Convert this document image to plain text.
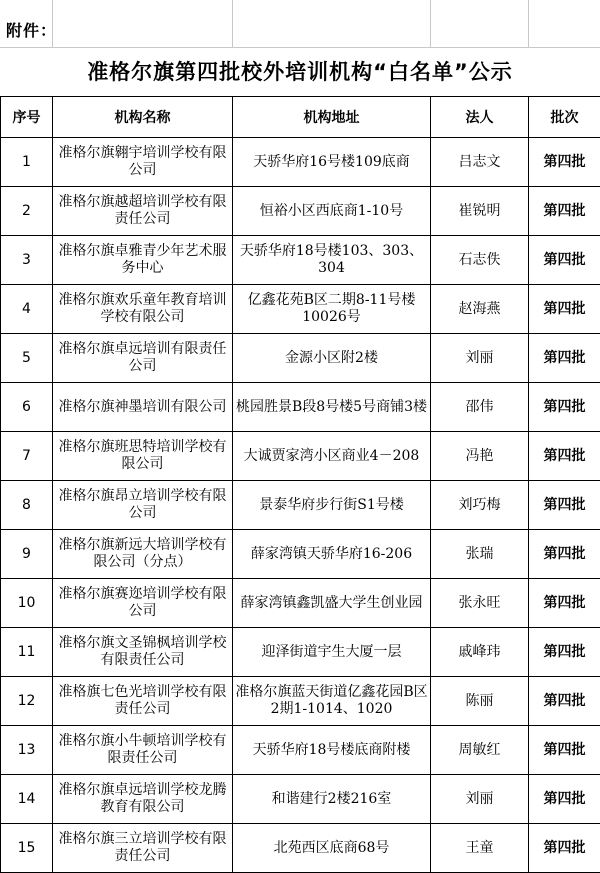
附件：
准格尔旗第四批校外培训机构“白名单”公示
序号	机构名称	机构地址	法人	批次
1	准格尔旗翱宇培训学校有限公司	天骄华府16号楼109底商	吕志文	第四批
2	准格尔旗越超培训学校有限责任公司	恒裕小区西底商1-10号	崔锐明	第四批
3	准格尔旗卓雅青少年艺术服务中心	天骄华府18号楼103、303、304	石志佚	第四批
4	准格尔旗欢乐童年教育培训学校有限公司	亿鑫花苑B区二期8-11号楼10026号	赵海燕	第四批
5	准格尔旗卓远培训有限责任公司	金源小区附2楼	刘丽	第四批
6	准格尔旗神墨培训有限公司	桃园胜景B段8号楼5号商铺3楼	邵伟	第四批
7	准格尔旗班思特培训学校有限公司	大诚贾家湾小区商业4－208	冯艳	第四批
8	准格尔旗昂立培训学校有限公司	景泰华府步行街S1号楼	刘巧梅	第四批
9	准格尔旗新远大培训学校有限公司（分点）	薛家湾镇天骄华府16-206	张瑞	第四批
10	准格尔旗赛迩培训学校有限公司	薛家湾镇鑫凯盛大学生创业园	张永旺	第四批
11	准格尔旗文圣锦枫培训学校有限责任公司	迎泽街道宇生大厦一层	戚峰玮	第四批
12	准格旗七色光培训学校有限责任公司	准格尔旗蓝天街道亿鑫花园B区2期1-1014、1020	陈丽	第四批
13	准格尔旗小牛顿培训学校有限责任公司	天骄华府18号楼底商附楼	周敏红	第四批
14	准格尔旗卓远培训学校龙腾教育有限公司	和谐建行2楼216室	刘丽	第四批
15	准格尔旗三立培训学校有限责任公司	北苑西区底商68号	王童	第四批
